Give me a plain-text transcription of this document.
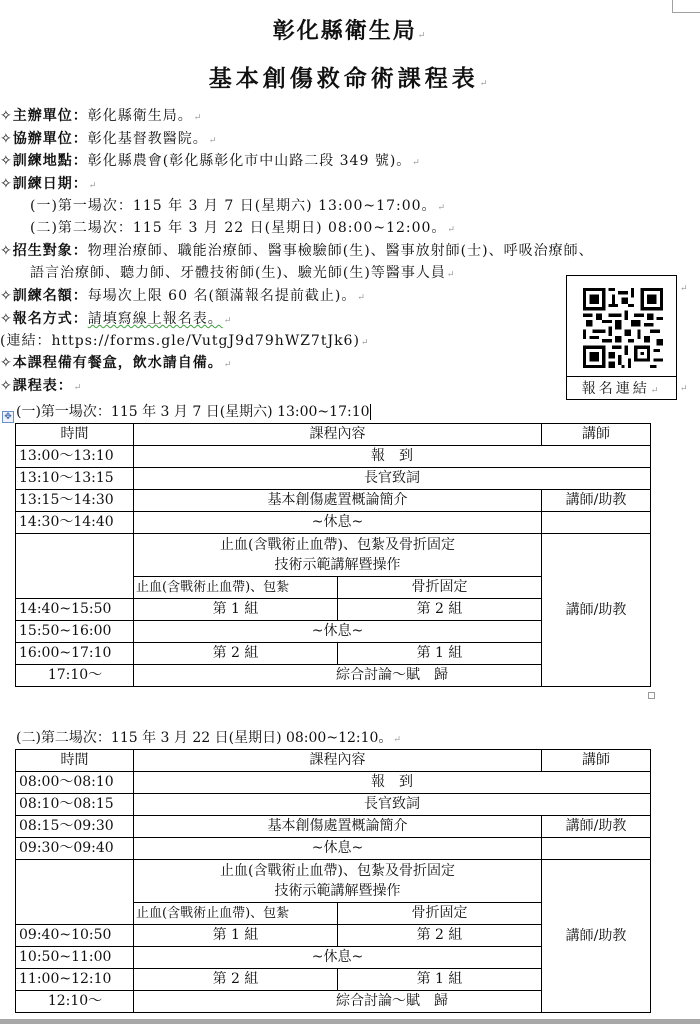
彰化縣衛生局↵
基本創傷救命術課程表↵
✧主辦單位：彰化縣衛生局。↵
✧協辦單位：彰化基督教醫院。↵
✧訓練地點：彰化縣農會(彰化縣彰化市中山路二段 349 號)。↵
✧訓練日期：↵
(一)第一場次：115 年 3 月 7 日(星期六) 13:00~17:00。↵
(二)第二場次：115 年 3 月 22 日(星期日) 08:00~12:00。↵
✧招生對象：物理治療師、職能治療師、醫事檢驗師(生)、醫事放射師(士)、呼吸治療師、
語言治療師、聽力師、牙體技術師(生)、驗光師(生)等醫事人員↵
✧訓練名額：每場次上限 60 名(額滿報名提前截止)。↵
✧報名方式：請填寫線上報名表。↵
(連結：https://forms.gle/VutgJ9d79hWZ7tJk6)↵
✧本課程備有餐盒，飲水請自備。↵
✧課程表：↵	報名連結↵
↵
↵
✥ (一)第一場次：115 年 3 月 7 日(星期六) 13:00~17:10
時間	課程內容		講師
13:00～13:10	報　到		
13:10～13:15	長官致詞		
13:15～14:30	基本創傷處置概論簡介		講師/助教
14:30～14:40	~休息~		

	止血(含戰術止血帶)、包紮及骨折固定
技術示範講解暨操作		講師/助教
	止血(含戰術止血帶)、包紮	骨折固定	
14:40~15:50	第 1 組	第 2 組	
15:50~16:00	~休息~		
16:00~17:10	第 2 組	第 1 組	
17:10～	綜合討論～賦　歸		
(二)第二場次：115 年 3 月 22 日(星期日) 08:00~12:10。↵
時間	課程內容		講師
08:00～08:10	報　到		
08:10～08:15	長官致詞		
08:15～09:30	基本創傷處置概論簡介		講師/助教
09:30～09:40	~休息~		

	止血(含戰術止血帶)、包紮及骨折固定
技術示範講解暨操作		講師/助教
	止血(含戰術止血帶)、包紮	骨折固定	
09:40~10:50	第 1 組	第 2 組	
10:50~11:00	~休息~		
11:00~12:10	第 2 組	第 1 組	
12:10～	綜合討論～賦　歸		
